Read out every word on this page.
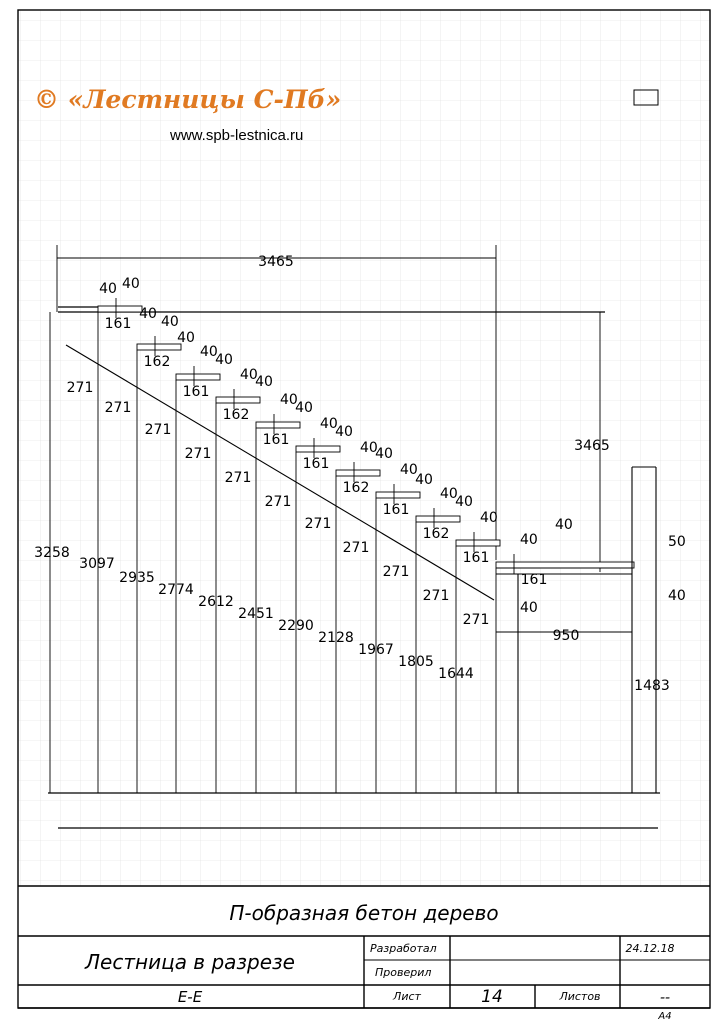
© «Лестницы С-Пб»
www.spb-lestnica.ru
П-образная бетон дерево
Лестница в разрезе
Е-Е
Разработал
Проверил
24.12.18
Лист	14	Листов	--
А4
3465
3258
3465
161
40
162
40
161
40
162
40
161
40
161
40
162
40
161
40
162
40
161
40
161
40
40
40
40
40
40
40
40
40
40
40
271
271
271
271
271
271
271
271
271
271
271
3097
2935
2774
2612
2451
2290
2128
1967
1805
1644
950
1483
50
40
40
40
